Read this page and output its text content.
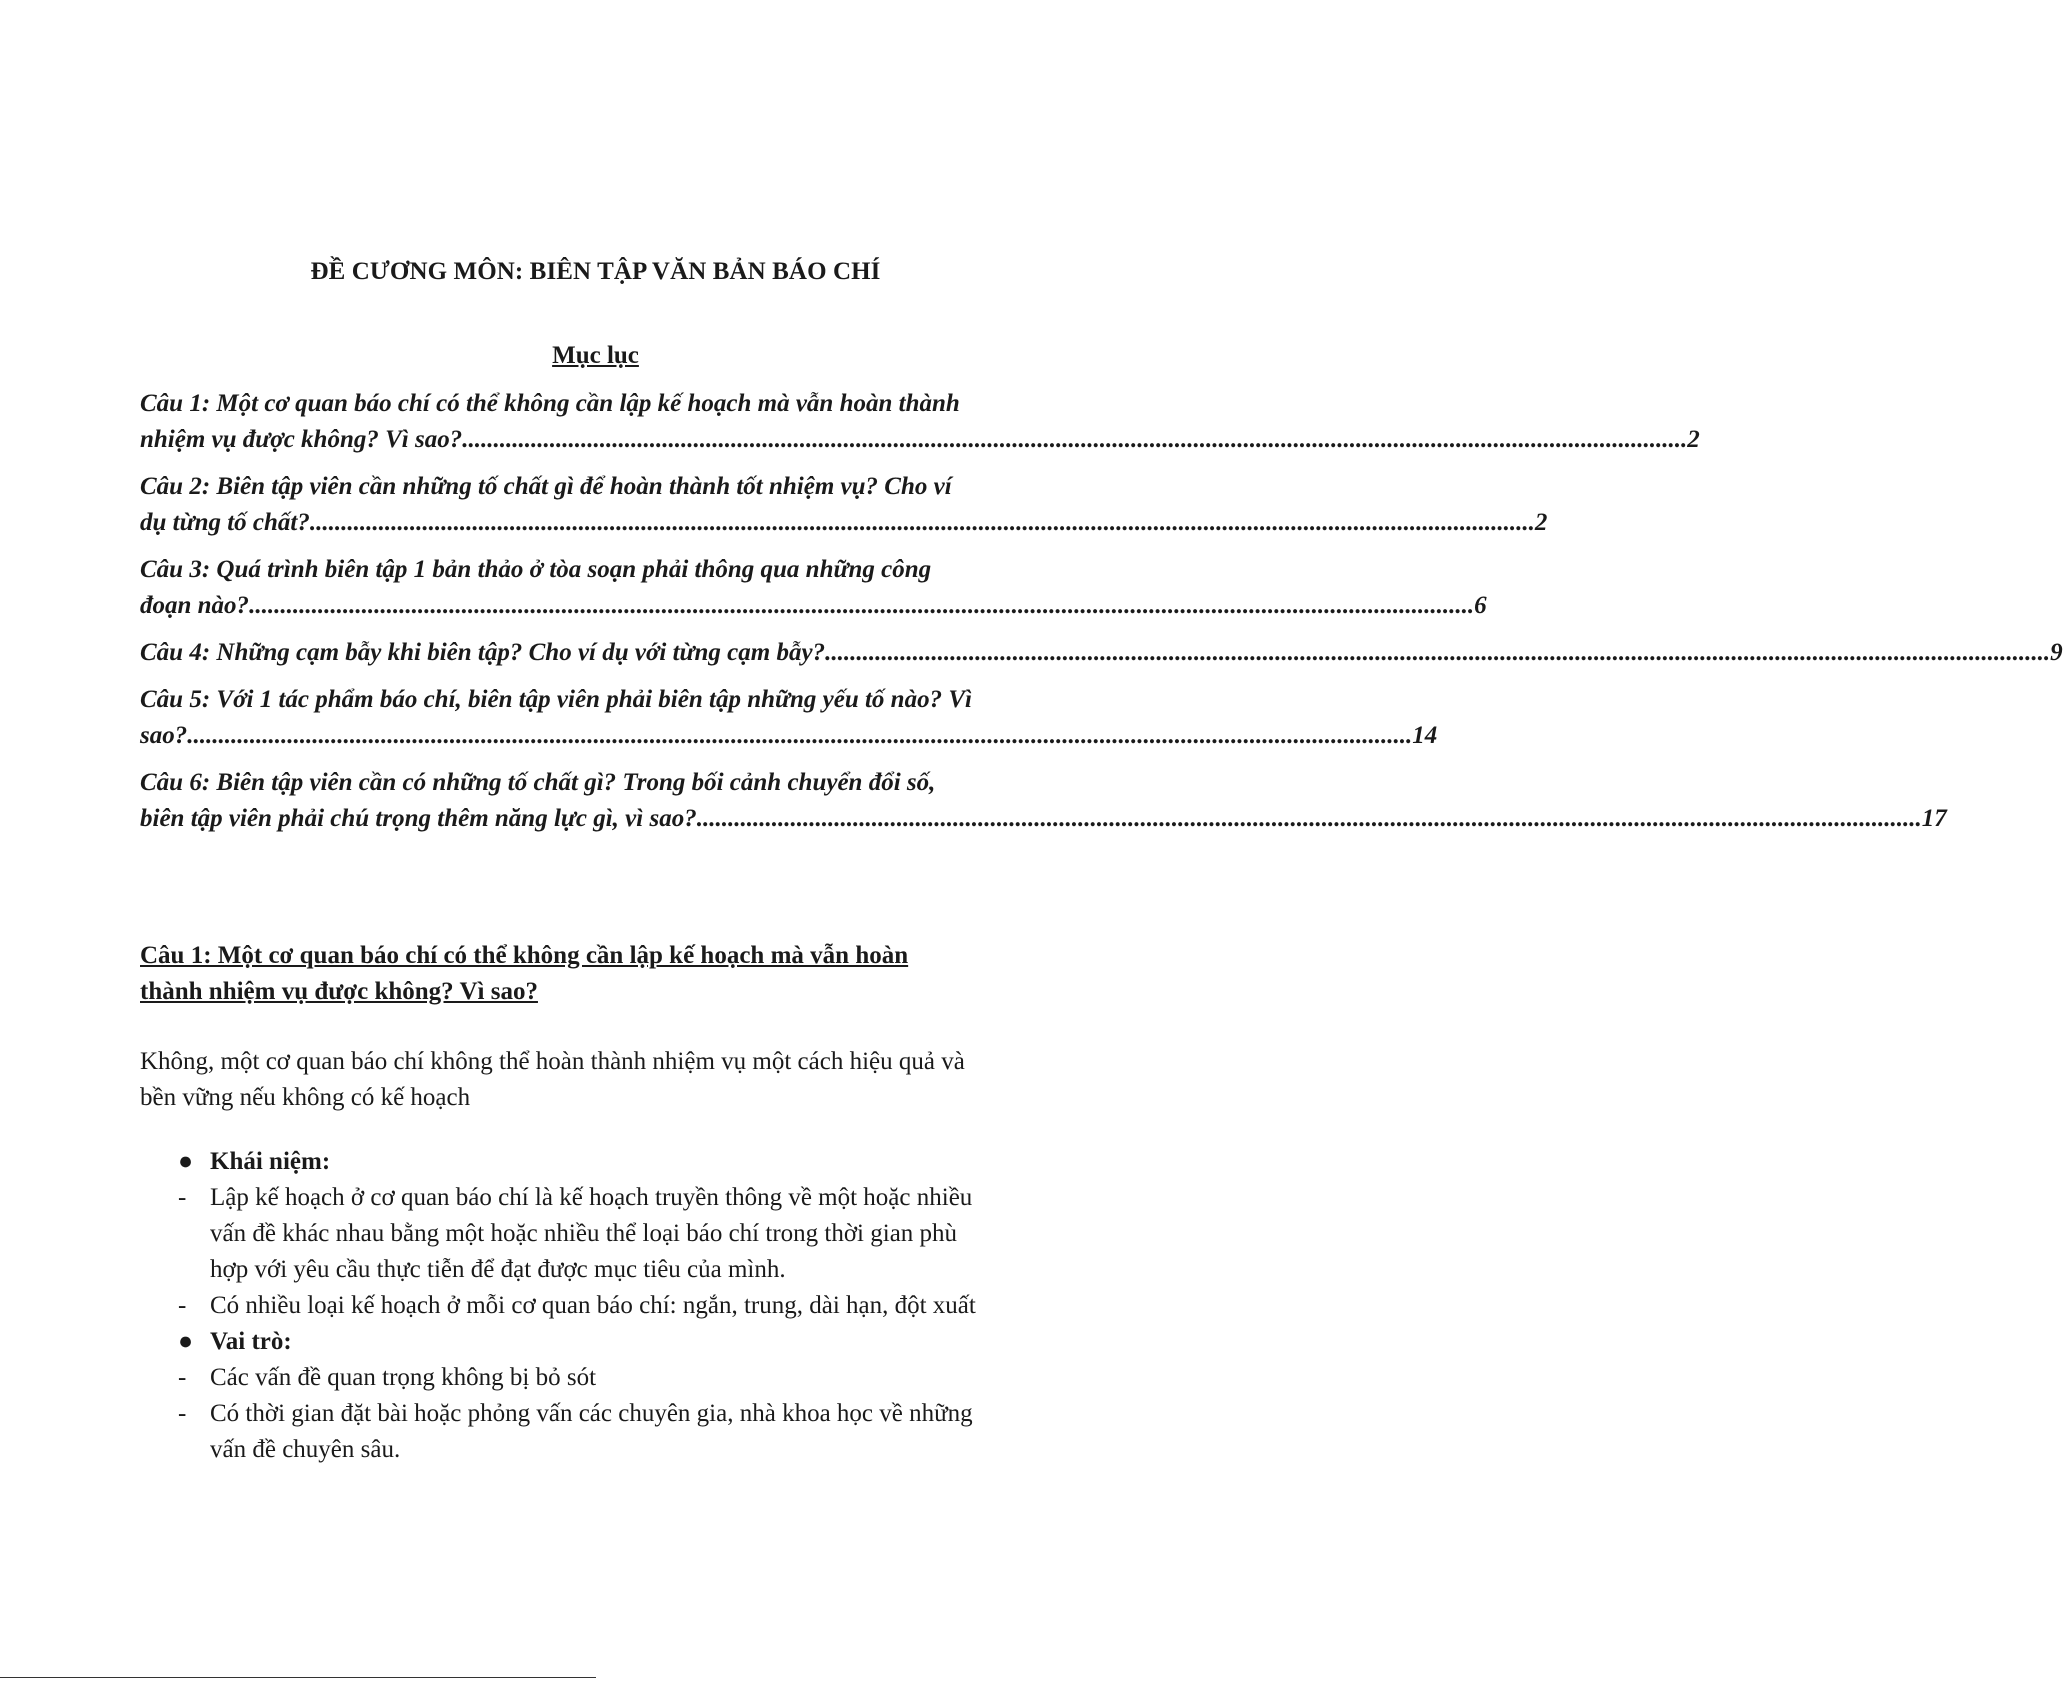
ĐỀ CƯƠNG MÔN: BIÊN TẬP VĂN BẢN BÁO CHÍ
Mục lục
Câu 1: Một cơ quan báo chí có thể không cần lập kế hoạch mà vẫn hoàn thành
nhiệm vụ được không? Vì sao? .................................................................................................................................................................................................... 2
Câu 2: Biên tập viên cần những tố chất gì để hoàn thành tốt nhiệm vụ? Cho ví
dụ từng tố chất? .................................................................................................................................................................................................... 2
Câu 3: Quá trình biên tập 1 bản thảo ở tòa soạn phải thông qua những công
đoạn nào? .................................................................................................................................................................................................... 6
Câu 4: Những cạm bẫy khi biên tập? Cho ví dụ với từng cạm bẫy? .................................................................................................................................................................................................... 9
Câu 5: Với 1 tác phẩm báo chí, biên tập viên phải biên tập những yếu tố nào? Vì
sao? .................................................................................................................................................................................................... 14
Câu 6: Biên tập viên cần có những tố chất gì? Trong bối cảnh chuyển đổi số,
biên tập viên phải chú trọng thêm năng lực gì, vì sao? .................................................................................................................................................................................................... 17
Câu 1: Một cơ quan báo chí có thể không cần lập kế hoạch mà vẫn hoàn
thành nhiệm vụ được không? Vì sao?
Không, một cơ quan báo chí không thể hoàn thành nhiệm vụ một cách hiệu quả và
bền vững nếu không có kế hoạch
● Khái niệm:
- Lập kế hoạch ở cơ quan báo chí là kế hoạch truyền thông về một hoặc nhiều
vấn đề khác nhau bằng một hoặc nhiều thể loại báo chí trong thời gian phù
hợp với yêu cầu thực tiễn để đạt được mục tiêu của mình.
- Có nhiều loại kế hoạch ở mỗi cơ quan báo chí: ngắn, trung, dài hạn, đột xuất
● Vai trò:
- Các vấn đề quan trọng không bị bỏ sót
- Có thời gian đặt bài hoặc phỏng vấn các chuyên gia, nhà khoa học về những
vấn đề chuyên sâu.
